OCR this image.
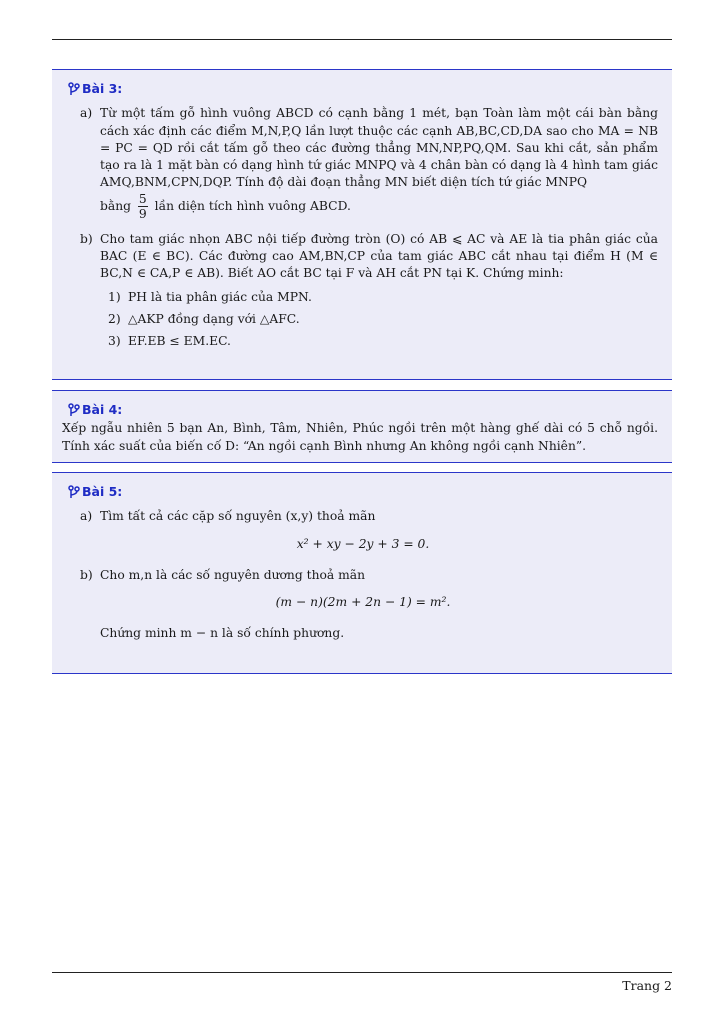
Bài 3:
a) Từ một tấm gỗ hình vuông ABCD có cạnh bằng 1 mét, bạn Toàn làm một cái bàn bằng cách xác định các điểm M,N,P,Q lần lượt thuộc các cạnh AB,BC,CD,DA sao cho MA = NB = PC = QD rồi cắt tấm gỗ theo các đường thẳng MN,NP,PQ,QM. Sau khi cắt, sản phẩm tạo ra là 1 mặt bàn có dạng hình tứ giác MNPQ và 4 chân bàn có dạng là 4 hình tam giác AMQ,BNM,CPN,DQP. Tính độ dài đoạn thẳng MN biết diện tích tứ giác MNPQ
bằng $\frac{5}{9}$ lần diện tích hình vuông ABCD.
b) Cho tam giác nhọn ABC nội tiếp đường tròn (O) có AB ⩽ AC và AE là tia phân giác của BAC (E ∈ BC). Các đường cao AM,BN,CP của tam giác ABC cắt nhau tại điểm H (M ∈ BC,N ∈ CA,P ∈ AB). Biết AO cắt BC tại F và AH cắt PN tại K. Chứng minh:
1) PH là tia phân giác của MPN.
2) △AKP đồng dạng với △AFC.
3) EF.EB ≤ EM.EC.
Bài 4:
Xếp ngẫu nhiên 5 bạn An, Bình, Tâm, Nhiên, Phúc ngồi trên một hàng ghế dài có 5 chỗ ngồi. Tính xác suất của biến cố D: “An ngồi cạnh Bình nhưng An không ngồi cạnh Nhiên”.
Bài 5:
a) Tìm tất cả các cặp số nguyên (x,y) thoả mãn
x² + xy − 2y + 3 = 0.
b) Cho m,n là các số nguyên dương thoả mãn
(m − n)(2m + 2n − 1) = m².
Chứng minh m − n là số chính phương.
Trang 2
